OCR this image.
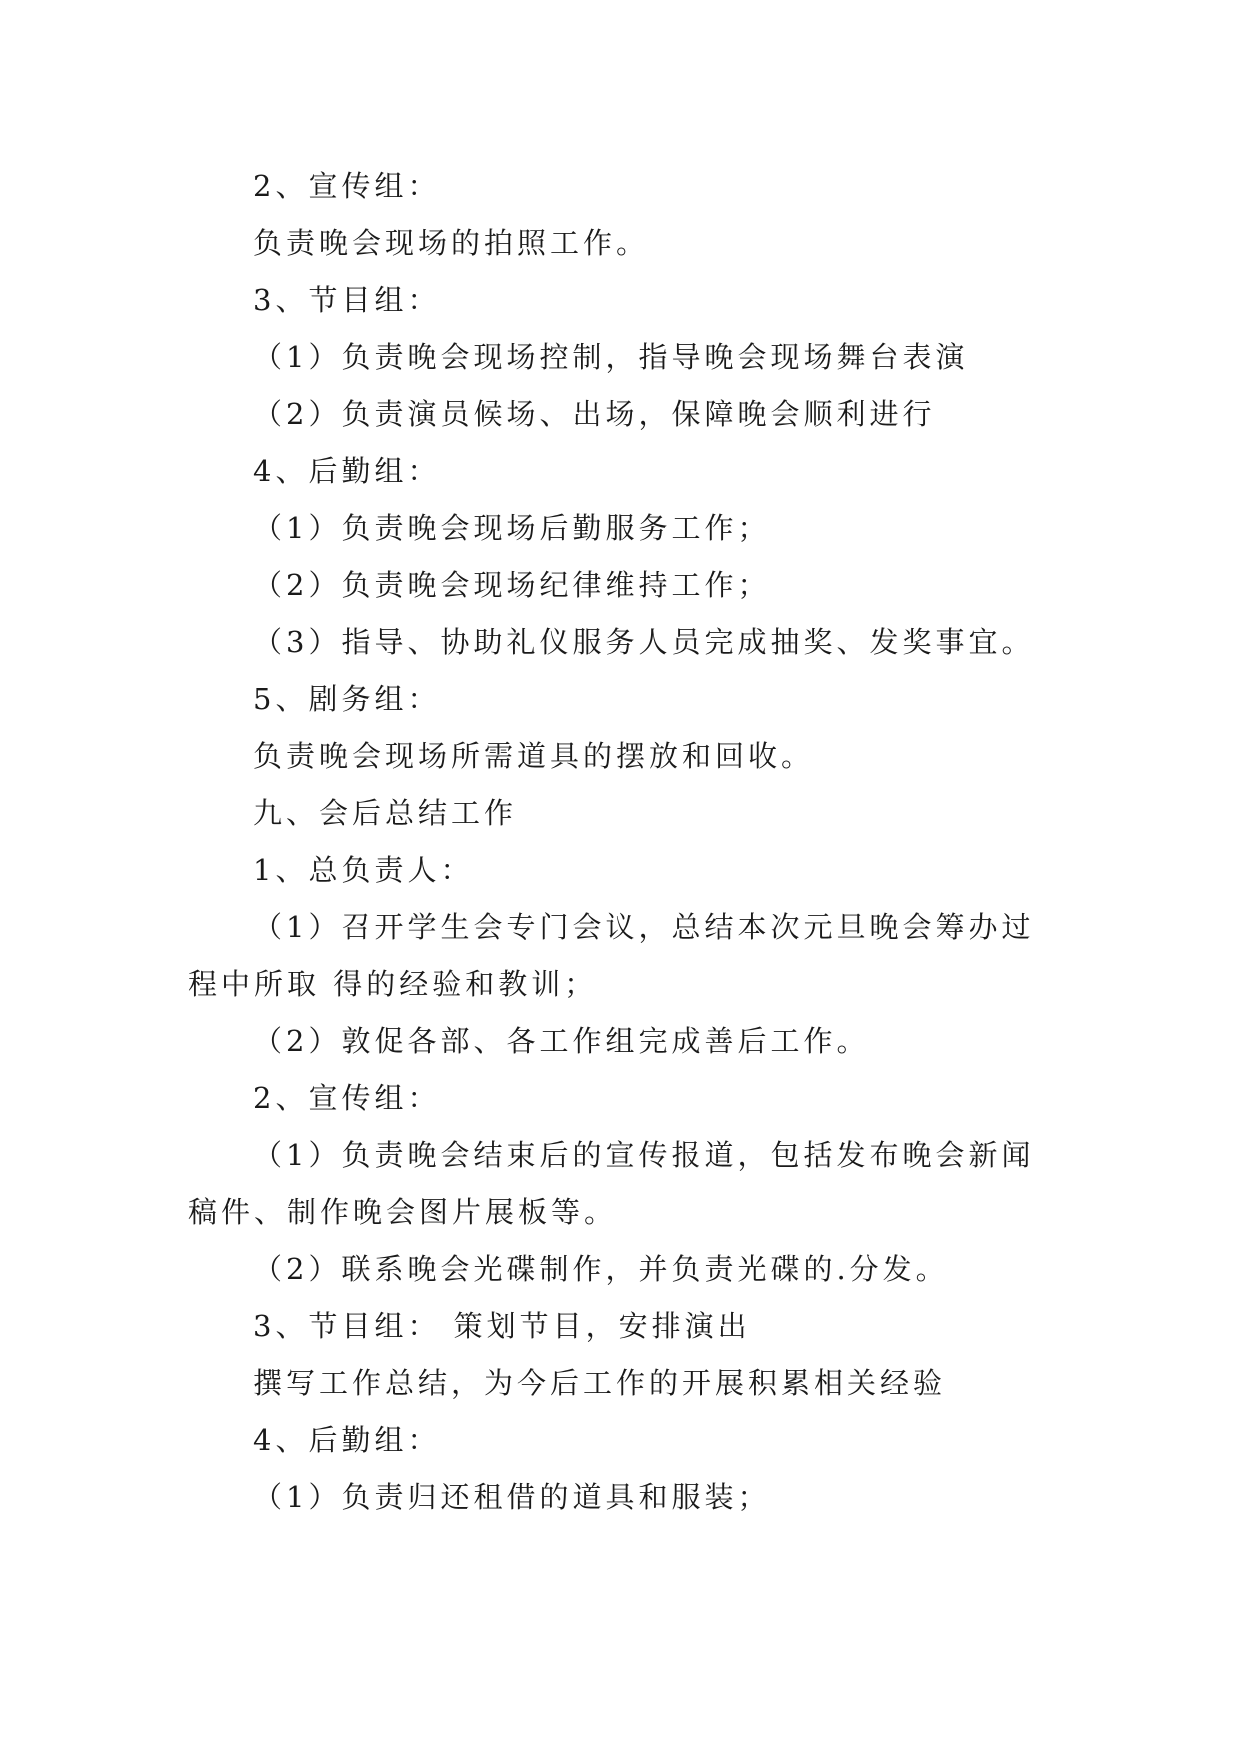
2、宣传组：
负责晚会现场的拍照工作。
3、节目组：
（1）负责晚会现场控制，指导晚会现场舞台表演
（2）负责演员候场、出场，保障晚会顺利进行
4、后勤组：
（1）负责晚会现场后勤服务工作；
（2）负责晚会现场纪律维持工作；
（3）指导、协助礼仪服务人员完成抽奖、发奖事宜。
5、剧务组：
负责晚会现场所需道具的摆放和回收。
九、会后总结工作
1、总负责人：
（1）召开学生会专门会议，总结本次元旦晚会筹办过
程中所取 得的经验和教训；
（2）敦促各部、各工作组完成善后工作。
2、宣传组：
（1）负责晚会结束后的宣传报道，包括发布晚会新闻
稿件、制作晚会图片展板等。
（2）联系晚会光碟制作，并负责光碟的.分发。
3、节目组： 策划节目，安排演出
撰写工作总结，为今后工作的开展积累相关经验
4、后勤组：
（1）负责归还租借的道具和服装；
